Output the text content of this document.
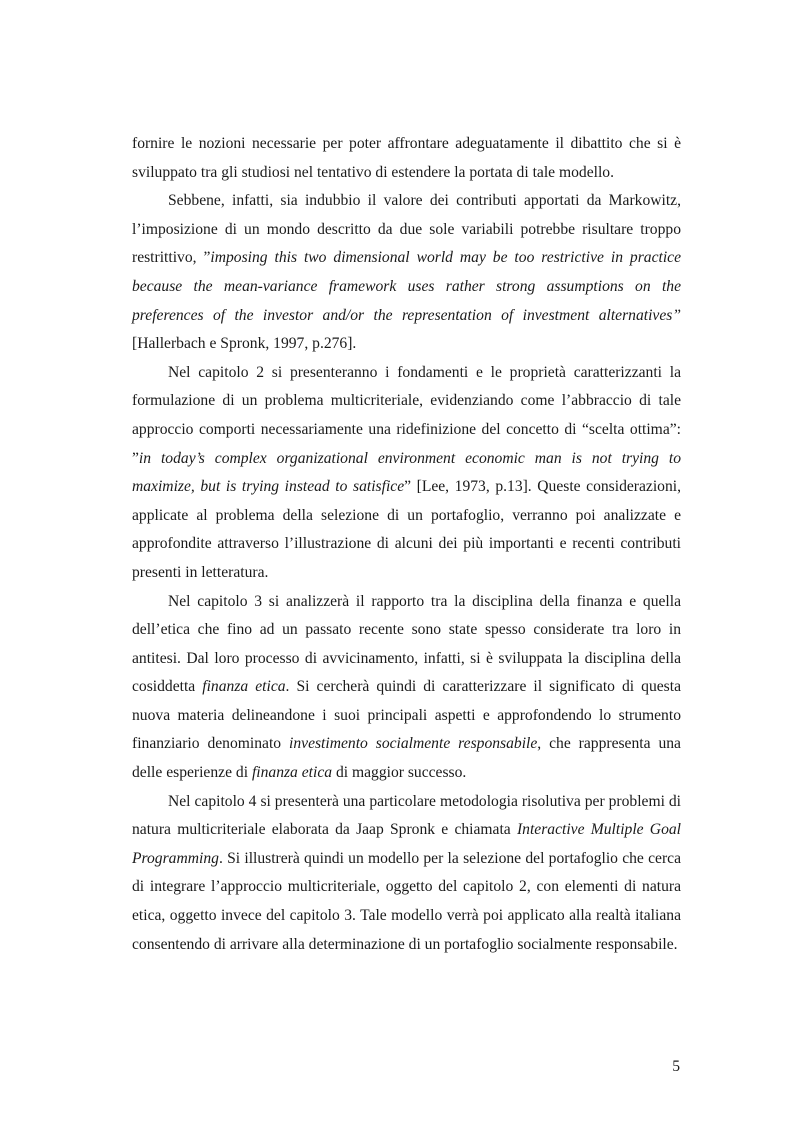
fornire le nozioni necessarie per poter affrontare adeguatamente il dibattito che si è sviluppato tra gli studiosi nel tentativo di estendere la portata di tale modello.

Sebbene, infatti, sia indubbio il valore dei contributi apportati da Markowitz, l’imposizione di un mondo descritto da due sole variabili potrebbe risultare troppo restrittivo, ”imposing this two dimensional world may be too restrictive in practice because the mean-variance framework uses rather strong assumptions on the preferences of the investor and/or the representation of investment alternatives” [Hallerbach e Spronk, 1997, p.276].

Nel capitolo 2 si presenteranno i fondamenti e le proprietà caratterizzanti la formulazione di un problema multicriteriale, evidenziando come l’abbraccio di tale approccio comporti necessariamente una ridefinizione del concetto di “scelta ottima”: ”in today’s complex organizational environment economic man is not trying to maximize, but is trying instead to satisfice” [Lee, 1973, p.13]. Queste considerazioni, applicate al problema della selezione di un portafoglio, verranno poi analizzate e approfondite attraverso l’illustrazione di alcuni dei più importanti e recenti contributi presenti in letteratura.

Nel capitolo 3 si analizzerà il rapporto tra la disciplina della finanza e quella dell’etica che fino ad un passato recente sono state spesso considerate tra loro in antitesi. Dal loro processo di avvicinamento, infatti, si è sviluppata la disciplina della cosiddetta finanza etica. Si cercherà quindi di caratterizzare il significato di questa nuova materia delineandone i suoi principali aspetti e approfondendo lo strumento finanziario denominato investimento socialmente responsabile, che rappresenta una delle esperienze di finanza etica di maggior successo.

Nel capitolo 4 si presenterà una particolare metodologia risolutiva per problemi di natura multicriteriale elaborata da Jaap Spronk e chiamata Interactive Multiple Goal Programming. Si illustrerà quindi un modello per la selezione del portafoglio che cerca di integrare l’approccio multicriteriale, oggetto del capitolo 2, con elementi di natura etica, oggetto invece del capitolo 3. Tale modello verrà poi applicato alla realtà italiana consentendo di arrivare alla determinazione di un portafoglio socialmente responsabile.

5
